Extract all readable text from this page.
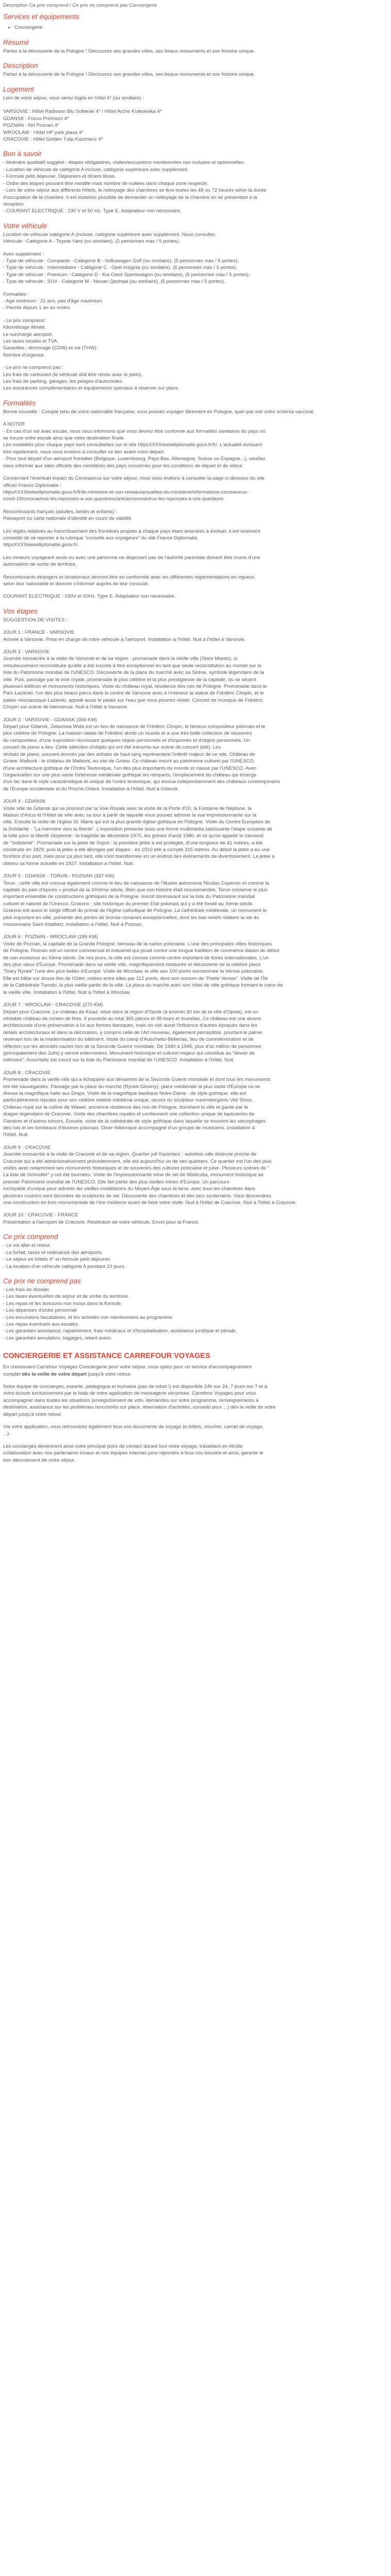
Description Ce prix comprend / Ce prix ne comprend pas Conciergerie
Services et équipements
• Conciergerie
Résumé

Partez à la découverte de la Pologne ! Découvrez ses grandes villes, ses beaux monuments et son histoire unique.

Description

Partez à la découverte de la Pologne ! Découvrez ses grandes villes, ses beaux monuments et son histoire unique.

Logement

Lors de votre séjour, vous serez logés en hôtel 4* (ou similaire) :

VARSOVIE : Hôtel Radisson Blu Sobieski 4* / Hôtel Arche Krakowska 4*
GDANSK : Focus Premium 4*
POZNAN : NH Poznan 4*
WROCLAW : Hôtel HP park plaza 4*
CRACOVIE : Hôtel Golden Tulip Kazimierz 4*

Bon à savoir

- Itinéraire qualitatif suggéré : étapes obligatoires, visites/excursions mentionnées non incluses et optionnelles.
- Location de véhicule de catégorie A incluse, catégorie supérieure avec supplément.
- Formule petit déjeuner. Déjeuners et dîners libres.
- Ordre des étapes pouvant être modifié mais nombre de nuitées dans chaque zone respecté.
- Lors de votre séjour aux différents hôtels, le nettoyage des chambres se fera toutes les 48 ou 72 heures selon la durée
d'occupation de la chambre. Il est toutefois possible de demander un nettoyage de la chambre en se présentant à la
réception.
- COURANT ELECTRIQUE : 230 V et 50 Hz. Type E. Adaptateur non nécessaire.

Votre véhicule

Location de véhicule catégorie A (incluse, catégorie supérieure avec supplément. Nous consulter.
Véhicule : Catégorie A - Toyota Yaris (ou similaire), (5 personnes max / 5 portes).

Avec supplément :
- Type de véhicule : Compacte - Catégorie B - Volkswagen Golf (ou similaire), (5 personnes max / 5 portes).
- Type de véhicule : Intermédiaire - Catégorie C - Opel Insignia (ou similaire), (5 personnes max / 5 portes).
- Type de véhicule : Premium - Catégorie D - Kia Ceed Sportswagon (ou similaire), (5 personnes max / 5 portes).
- Type de véhicule : SUV - Catégorie M - Nissan Qashqai (ou similaire), (5 personnes max / 5 portes).

Formalités :
- Age minimum : 21 ans, pas d'âge maximum.
- Permis depuis 1 an au moins.

- Le prix comprend :
Kilométrage illimité.
Le surcharge aéroport.
Les taxes locales et TVA.
Garanties : dommage (CDW) et vol (THW).
Nombre d'urgence.

- Le prix ne comprend pas :
Les frais de carburant (le véhicule doit être rendu avec le plein).
Les frais de parking, garages, les péages d'autoroutes.
Les assurances complémentaires et équipements spéciaux à réserver sur place.

Formalités

Bonne nouvelle : Compte tenu de votre nationalité française, vous pouvez voyager librement en Pologne, quel que soit votre schéma vaccinal.

A NOTER
- En cas d'un vol avec escale, nous vous informons que vous devrez être conforme aux formalités sanitaires du pays où
se trouve votre escale ainsi que votre destination finale.
Les modalités pour chaque pays sont consultables sur le site httpsXXXXwwwdiplomatie.gouv.fr/fr/. L'actualité évoluant
très rapidement, nous vous invitons à consulter ce lien avant votre départ.
- Pour tout départ d'un aéroport frontalier (Belgique, Luxembourg, Pays-Bas, Allemagne, Suisse ou Espagne...), veuillez
nous informer aux sites officiels des ministères des pays concernés pour les conditions de départ et de retour.

Concernant l'éventuel impact du Coronavirus sur votre séjour, nous vous invitons à consulter la page ci-dessous du site
officiel France Diplomatie :
httpsXXXXwwwdiplomatie.gouv.fr/fr/le-ministere-et-son-reseau/actualites-du-ministere/informations-coronavirus-
covid-19/coronavirus-les-reponses-a-vos-questions/article/coronavirus-les-reponses-a-vos-questions

Ressortissants français (adultes, bébés et enfants) :
Passeport ou carte nationale d'identité en cours de validité.

Les règles relatives au franchissement des frontières propres à chaque pays étant amenées à évoluer, il est vivement
conseillé de se reporter à la rubrique "conseils aux voyageurs" du site France Diplomatie,
httpsXXXXwwwdiplomatie.gouv.fr/.

Les mineurs voyageant seuls ou avec une personne ne disposant pas de l'autorité parentale doivent être munis d'une
autorisation de sortie de territoire.

Ressortissants étrangers et binationaux devront être en conformité avec les différentes réglementations en vigueur,
selon leur nationalité et devront s'informer auprès de leur consulat.

COURANT ELECTRIQUE : 230V et 50Hz. Type E. Adaptateur non nécessaire.

Vos étapes

SUGGESTION DE VISITES :

JOUR 1 : FRANCE - VARSOVIE
Arrivée à Varsovie. Prise en charge de votre véhicule à l'aéroport. Installation à l'hôtel. Nuit à l'hôtel à Varsovie.

JOUR 2 : VARSOVIE
Journée consacrée à la visite de Varsovie et de sa région : promenade dans la vieille ville (Stare Miasto), si
minutieusement reconstituée qu'elle a été inscrite à titre exceptionnel en tant que seule reconstitution au monde sur la
liste du Patrimoine mondial de l'UNESCO. Découverte de la place du marché avec sa Sirène, symbole légendaire de la
ville. Puis, passage par la voie royale, promenade le plus célèbre et la plus prestigieuse de la capitale, où se situent
plusieurs édifices et monuments historiques. Visite du château royal, résidence des rois de Pologne. Promenade dans le
Parc Łazienki, l'un des plus beaux parcs dans le centre de Varsovie avec à l'intérieur la statue de Frédéric Chopin, et le
palais néoclassique Łazienki, appelé aussi le palais sur l'eau que vous pourrez visiter. Concert de musique de Frédéric
Chopin sur scène de bienvenue. Nuit à l'hôtel à Varsovie.

JOUR 3 : VARSOVIE - GDANSK (356 KM)
Départ pour Gdansk. Zelazowa Wola est un lieu de naissance de Frédéric Chopin, le fameux compositeur polonais et le
plus célèbre de Pologne. La maison natale de Frédéric abrite un musée et a une très belle collection de souvenirs
du compositeur, d'une exposition réunissant quelques objets personnels et d'imprimés et d'objets personnels. Un
concert de piano a lieu. Cette sélection d'objets qui ont été transmis sur scène de concert (été). Les
récitals de piano, souvent donnés par des artistes de haut rang représentent l'intérêt majeur de ce site. Château de
Gniew. Malbork : le château de Malbork, au site de Gniew. Ce château inscrit au patrimoine culturel par l'UNESCO,
d'une architecture gothique de l'Ordre Teutonique, l'un des plus importants du monde et classé par l'UNESCO. Avec
l'organisation sur une plus vaste forteresse médiévale gothique les remparts, l'emplacement du château qui émerge
d'un lac dans le style caractéristique et unique de l'ordre teutonique, qui évolua indépendamment des châteaux contemporains
de l'Europe occidentale et du Proche-Orient. Installation à l'hôtel. Nuit à Gdansk.

JOUR 4 : GDANSK
Visite ville de Gdansk qui se poursuit par la Voie Royale avec la visite de la Porte d'Or, la Fontaine de Neptune, la
Maison d'Artus et l'Hôtel de ville avec sa tour à partir de laquelle vous pouvez admirer la vue impressionnante sur la
ville. Ensuite la visite de l'église St. Marie qui est la plus grande église gothique en Pologne. Visite du Centre Européen de
la Solidarité - "La mémoire vers la liberté". L'exposition présente sous une forme multimédia saisissante l'étape suivante de
la lutte pour la liberté citoyenne : la tragédie de décembre 1970, les grèves d'août 1980, et ce qu'on appelle le carnaval
de "Solidarité". Promenade sur la jetée de Sopot : la première jetée à est protégée, d'une longueur de 41 mètres, a été
construite en 1829, puis la jetée a été allongée par étapes - en 1910 elle a compté 315 mètres. Au début la jetée a eu une
fonction d'un port, mais pour ça plus tard, elle s'est transformée en un endroit des événements de divertissement. La jetée a
obtenu sa forme actuelle en 1927. Installation à l'hôtel. Nuit.

JOUR 5 : GDANSK - TORUN - POZNAN (337 KM)
Torun : cette ville est connue également comme le lieu de naissance de l'illustre astronome Nicolas Copernic et comme la
capitale du pain d'épices « produit de la XIVème siècle. Bien que son histoire était mouvementée, Torun conserve le plus
important ensemble de constructions gothiques de la Pologne. Inscrit dorénavant sur la liste du Patrimoine mondial
culturel et naturel de l'Unesco. Gniezno : site historique du premier Etat polonais qui y a été fondé au Xème siècle.
Gniezno est aussi le siège officiel du primat de l'église catholique de Pologne. La cathédrale médiévale, un monument le
plus important en ville, présente des portes de bronze romanes exceptionnelles, dont les bas-reliefs relatent la vie du
missionnaire Saint Adalbert. Installation à l'hôtel. Nuit à Poznan.

JOUR 6 : POZNAN - WROCLAW (186 KM)
Visite de Poznan, la capitale de la Grande Pologne, berceau de la nation polonaise. L'une des principales villes historiques
de Pologne, Poznan est un centre commercial et industriel qui jouait contre une longue tradition de commerce datant du début
de son existence au Xème siècle. De nos jours, la ville est connue comme centre important de foires internationales. L'un
des plus vieux d'Europe. Promenade dans sa vieille ville, magnifiquement restaurée et découverte de la célèbre place
"Stary Rynek" l'une des plus belles d'Europe. Visite de Wroclaw, la ville aux 100 ponts surnommée la Venise polonaise.
Elle est bâtie sur douze îles de l'Oder, reliées entre elles par 112 ponts, dont son surnom de "Petite Venise". Visite de l'Île
de la Cathédrale Tumski, la plus vieille partie de la ville. La place du marché avec son hôtel de ville gothique formant le cœur de
la vieille ville. Installation à l'hôtel. Nuit à l'hôtel à Wroclaw.

JOUR 7 : WROCLAW - CRACOVIE (270 KM)
Départ pour Cracovie. Le château de Ksiaz, situé dans la région d'Opole (à environ 30 km de la ville d'Opole), est un
véritable château de contes de fées. Il possède au total 365 pièces et 99 tours et tourelles. Ce château est une œuvre
architecturale d'une préservation à lui aux formes baroques, mais on voit aussi l'influence d'autres époques dans les
détails architecturaux et dans la décoration, y compris celle de l'Art nouveau, également perceptible, pourtant le palme
revenant lors de la modernisation du bâtiment. Visite du camp d'Auschwitz-Birkenau, lieu de commémoration et de
réflexion sur les atrocités nazies lors de la Seconde Guerre mondiale. De 1940 à 1945, plus d'un million de personnes
(principalement des Juifs) y seront exterminées. Monument historique et culturel majeur qui constitue au "devoir de
mémoire". Auschwitz est inscrit sur la liste du Patrimoine mondial de l'UNESCO. Installation à l'hôtel. Nuit.

JOUR 8 : CRACOVIE
Promenade dans la vieille ville qui a échappée aux désastres de la Seconde Guerre mondiale et dont tous les monuments
ont été sauvegardés. Passage par la place du marché (Rynek Glowny), place médiévale la plus vaste d'Europe où se
dresse la magnifique halle aux Draps. Visite de la magnifique basilique Notre-Dame : de style gothique, elle est
particulièrement réputée pour son célèbre retable médiéval unique, œuvre du sculpteur nurembergeois Veit Stoss.
Château royal sur la colline de Wawel, ancienne résidence des rois de Pologne, dominant la ville et gardé par le
dragon légendaire de Cracovie. Visite des chambres royales et contiennent une collection unique de tapisseries de
Flandres et d'autres trésors. Ensuite, visite de la cathédrale de style gothique dans laquelle se trouvent les sarcophages
des rois et les tombeaux d'illustres polonais. Diner folklorique accompagné d'un groupe de musiciens. Installation à
l'hôtel. Nuit.

JOUR 9 : CRACOVIE
Journée consacrée à la visite de Cracovie et de sa région. Quartier juif Kazimierz : autrefois ville distincte proche de
Cracovie qui a été administrativement précédemment, elle est aujourd'hui un de ses quartiers. Ce quartier est l'un des plus
visités avec notamment ses monuments historiques et de souvenirs des cultures polonaise et juive. Plusieurs scènes de "
La liste de Schindler" y ont été tournées. Visite de l'impressionnante mine de sel de Wieliczka, monument historique au
premier Patrimoine mondial de l'UNESCO. Elle fait partie des plus vieilles mines d'Europe. Un parcours
incroyable d'unique pour admirer les vieilles installations du Moyen-Âge sous la terre, avec tous les chambres dans
plusieurs couloirs sont décorées de sculptures de sel. Découverte des chambres et des lacs souterrains. Vous descendrez
une construction en bois monumentale de l'ère moderne avant de faire votre visite. Nuit à l'hôtel de Cracovie. Nuit à l'hôtel à Cracovie.

JOUR 10 : CRACOVIE - FRANCE
Présentation à l'aéroport de Cracovie. Restitution de votre véhicule. Envol pour la France.

Ce prix comprend

- Le vol aller et retour.
- Le forfait, taxes et redevance des aéroports.
- Le séjour en hôtels 4* en formule petit déjeuner.
- La location d'un véhicule catégorie A pendant 10 jours.

Ce prix ne comprend pas

- Les frais de dossier.
- Les taxes éventuelles de séjour et de sortie du territoire.
- Les repas et les boissons non inclus dans la formule.
- Les dépenses d'ordre personnel
- Les excursions facultatives, et les activités non mentionnées au programme.
- Les repas éventuels aux escales.
- Les garanties assistance, rapatriement, frais médicaux et d'hospitalisation, assistance juridique et pénale.
- Les garanties annulation, bagages, retard avion.

CONCIERGERIE ET ASSISTANCE CARREFOUR VOYAGES

En choisissant Carrefour Voyages Conciergerie pour votre séjour, vous optez pour un service d'accompagnement
complet dès la veille de votre départ jusqu'à votre retour.

Notre équipe de concierges, experte, pédagogue et humaine (pas de robot !) est disponible 24h sur 24, 7 jours sur 7 et à
votre écoute exclusivement par le biais de votre application de messagerie sécurisée. Carrefour Voyages pour vous
accompagner dans toutes les situations (enregistrement de vols, demandes sur votre programme, renseignements à
destination, assistance sur les problèmes rencontrés sur place, réservation d'activités, conseils pour ...) dès la veille de votre
départ jusqu'à votre retour.

Via votre application, vous retrouverez également tous vos documents de voyage (e-billets, voucher, carnet de voyage,
...).

Les concierges deviennent ainsi votre principal point de contact durant tout votre voyage, travaillant en étroite
collaboration avec nos partenaires locaux et nos équipes internes pour répondre à tous vos besoins et ainsi, garantir le
bon déroulement de votre séjour.
